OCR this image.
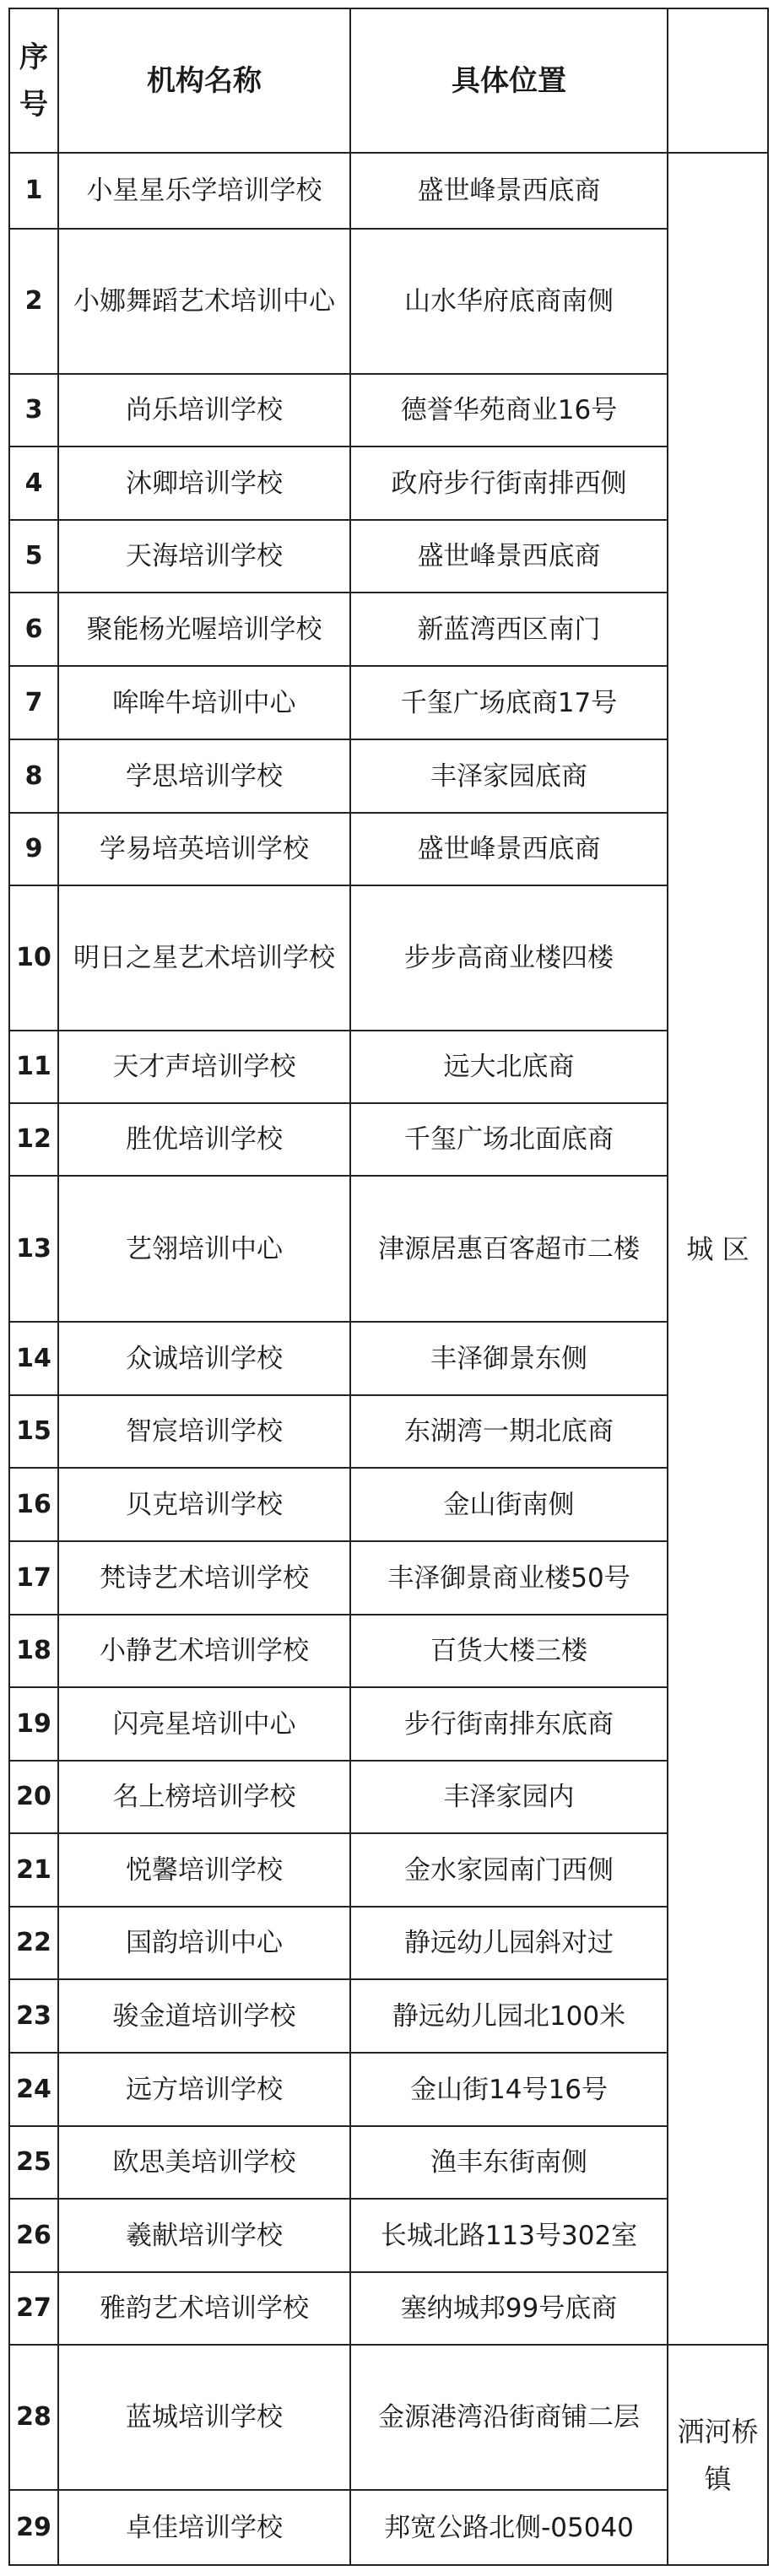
序号	机构名称	具体位置	
1	小星星乐学培训学校	盛世峰景西底商	城 区
2	小娜舞蹈艺术培训中心	山水华府底商南侧	
3	尚乐培训学校	德誉华苑商业16号	
4	沐卿培训学校	政府步行街南排西侧	
5	天海培训学校	盛世峰景西底商	
6	聚能杨光喔培训学校	新蓝湾西区南门	
7	哞哞牛培训中心	千玺广场底商17号	
8	学思培训学校	丰泽家园底商	
9	学易培英培训学校	盛世峰景西底商	
10	明日之星艺术培训学校	步步高商业楼四楼	
11	天才声培训学校	远大北底商	
12	胜优培训学校	千玺广场北面底商	
13	艺翎培训中心	津源居惠百客超市二楼	
14	众诚培训学校	丰泽御景东侧	
15	智宸培训学校	东湖湾一期北底商	
16	贝克培训学校	金山街南侧	
17	梵诗艺术培训学校	丰泽御景商业楼50号	
18	小静艺术培训学校	百货大楼三楼	
19	闪亮星培训中心	步行街南排东底商	
20	名上榜培训学校	丰泽家园内	
21	悦馨培训学校	金水家园南门西侧	
22	国韵培训中心	静远幼儿园斜对过	
23	骏金道培训学校	静远幼儿园北100米	
24	远方培训学校	金山街14号16号	
25	欧思美培训学校	渔丰东街南侧	
26	羲献培训学校	长城北路113号302室	
27	雅韵艺术培训学校	塞纳城邦99号底商	
28	蓝城培训学校	金源港湾沿街商铺二层	洒河桥镇
29	卓佳培训学校	邦宽公路北侧-05040	
